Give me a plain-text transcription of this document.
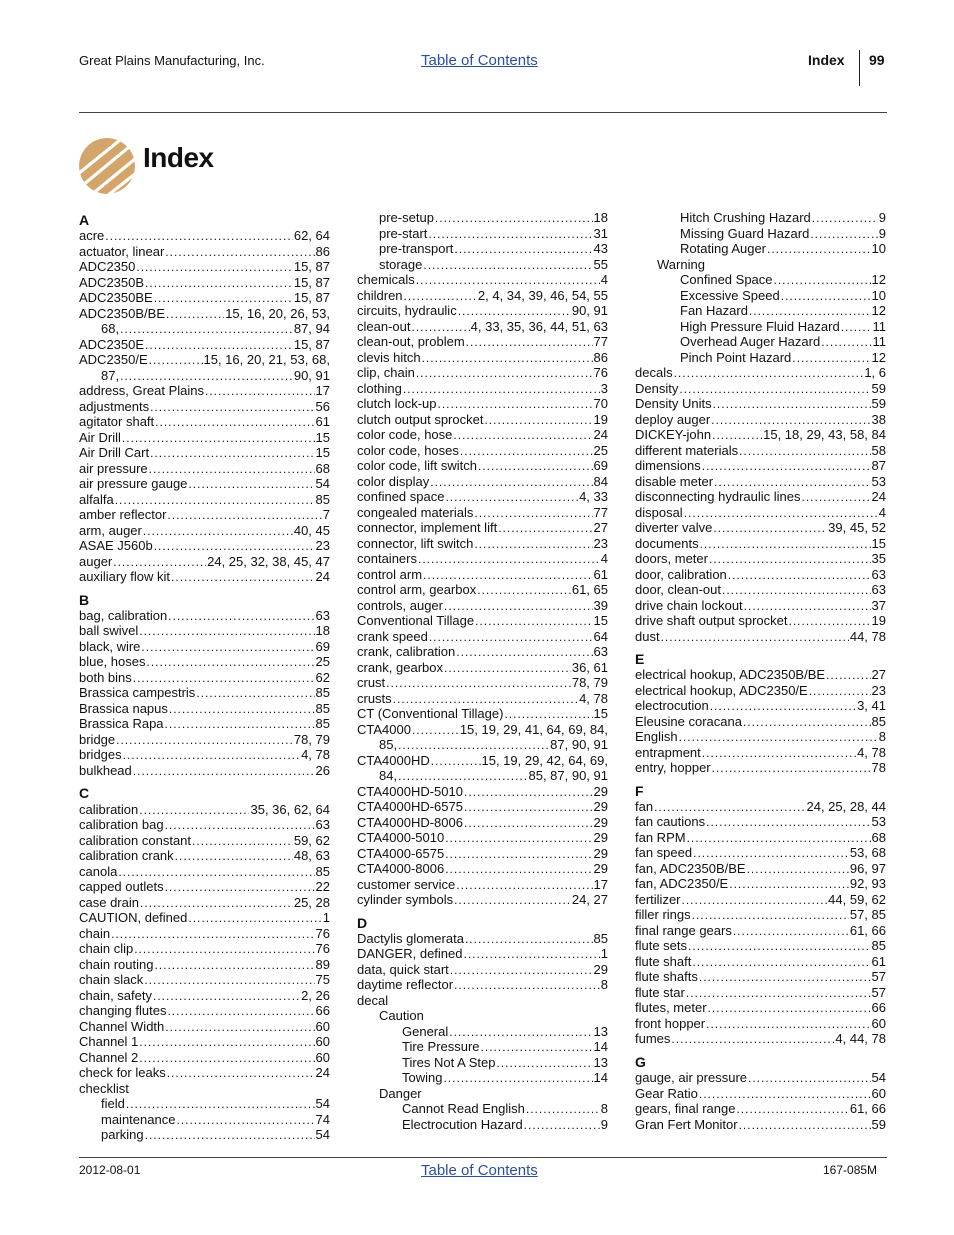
Great Plains Manufacturing, Inc.	Table of Contents	Index 99
Index
A
acre .....	62, 64
actuator, linear .....	86
ADC2350 .....	15, 87
ADC2350B .....	15, 87
ADC2350BE .....	15, 87
ADC2350B/BE .....	15, 16, 20, 26, 53,
68, .....	87, 94
ADC2350E .....	15, 87
ADC2350/E .....	15, 16, 20, 21, 53, 68,
87, .....	90, 91
address, Great Plains .....	17
adjustments .....	56
agitator shaft .....	61
Air Drill .....	15
Air Drill Cart .....	15
air pressure .....	68
air pressure gauge .....	54
alfalfa .....	85
amber reflector .....	7
arm, auger .....	40, 45
ASAE J560b .....	23
auger .....	24, 25, 32, 38, 45, 47
auxiliary flow kit .....	24
B
bag, calibration .....	63
ball swivel .....	18
black, wire .....	69
blue, hoses .....	25
both bins .....	62
Brassica campestris .....	85
Brassica napus .....	85
Brassica Rapa .....	85
bridge .....	78, 79
bridges .....	4, 78
bulkhead .....	26
C
calibration .....	35, 36, 62, 64
calibration bag .....	63
calibration constant .....	59, 62
calibration crank .....	48, 63
canola .....	85
capped outlets .....	22
case drain .....	25, 28
CAUTION, defined .....	1
chain .....	76
chain clip .....	76
chain routing .....	89
chain slack .....	75
chain, safety .....	2, 26
changing flutes .....	66
Channel Width .....	60
Channel 1 .....	60
Channel 2 .....	60
check for leaks .....	24
checklist
field .....	54
maintenance .....	74
parking .....	54
pre-setup .....	18
pre-start .....	31
pre-transport .....	43
storage .....	55
chemicals .....	4
children .....	2, 4, 34, 39, 46, 54, 55
circuits, hydraulic .....	90, 91
clean-out .....	4, 33, 35, 36, 44, 51, 63
clean-out, problem .....	77
clevis hitch .....	86
clip, chain .....	76
clothing .....	3
clutch lock-up .....	70
clutch output sprocket .....	19
color code, hose .....	24
color code, hoses .....	25
color code, lift switch .....	69
color display .....	84
confined space .....	4, 33
congealed materials .....	77
connector, implement lift .....	27
connector, lift switch .....	23
containers .....	4
control arm .....	61
control arm, gearbox .....	61, 65
controls, auger .....	39
Conventional Tillage .....	15
crank speed .....	64
crank, calibration .....	63
crank, gearbox .....	36, 61
crust .....	78, 79
crusts .....	4, 78
CT (Conventional Tillage) .....	15
CTA4000 .....	15, 19, 29, 41, 64, 69, 84,
85, .....	87, 90, 91
CTA4000HD .....	15, 19, 29, 42, 64, 69,
84, .....	85, 87, 90, 91
CTA4000HD-5010 .....	29
CTA4000HD-6575 .....	29
CTA4000HD-8006 .....	29
CTA4000-5010 .....	29
CTA4000-6575 .....	29
CTA4000-8006 .....	29
customer service .....	17
cylinder symbols .....	24, 27
D
Dactylis glomerata .....	85
DANGER, defined .....	1
data, quick start .....	29
daytime reflector .....	8
decal
Caution
General .....	13
Tire Pressure .....	14
Tires Not A Step .....	13
Towing .....	14
Danger
Cannot Read English .....	8
Electrocution Hazard .....	9
Hitch Crushing Hazard .....	9
Missing Guard Hazard .....	9
Rotating Auger .....	10
Warning
Confined Space .....	12
Excessive Speed .....	10
Fan Hazard .....	12
High Pressure Fluid Hazard .....	11
Overhead Auger Hazard .....	11
Pinch Point Hazard .....	12
decals .....	1, 6
Density .....	59
Density Units .....	59
deploy auger .....	38
DICKEY-john .....	15, 18, 29, 43, 58, 84
different materials .....	58
dimensions .....	87
disable meter .....	53
disconnecting hydraulic lines .....	24
disposal .....	4
diverter valve .....	39, 45, 52
documents .....	15
doors, meter .....	35
door, calibration .....	63
door, clean-out .....	63
drive chain lockout .....	37
drive shaft output sprocket .....	19
dust .....	44, 78
E
electrical hookup, ADC2350B/BE .....	27
electrical hookup, ADC2350/E .....	23
electrocution .....	3, 41
Eleusine coracana .....	85
English .....	8
entrapment .....	4, 78
entry, hopper .....	78
F
fan .....	24, 25, 28, 44
fan cautions .....	53
fan RPM .....	68
fan speed .....	53, 68
fan, ADC2350B/BE .....	96, 97
fan, ADC2350/E .....	92, 93
fertilizer .....	44, 59, 62
filler rings .....	57, 85
final range gears .....	61, 66
flute sets .....	85
flute shaft .....	61
flute shafts .....	57
flute star .....	57
flutes, meter .....	66
front hopper .....	60
fumes .....	4, 44, 78
G
gauge, air pressure .....	54
Gear Ratio .....	60
gears, final range .....	61, 66
Gran Fert Monitor .....	59
2012-08-01	Table of Contents	167-085M
